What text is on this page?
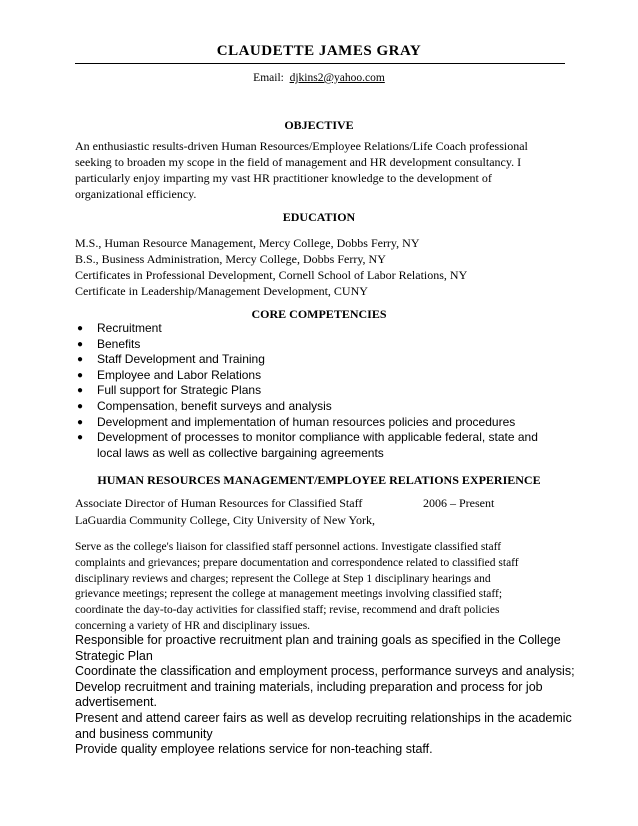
CLAUDETTE JAMES GRAY
Email: djkins2@yahoo.com
OBJECTIVE
An enthusiastic results-driven Human Resources/Employee Relations/Life Coach professional
seeking to broaden my scope in the field of management and HR development consultancy. I
particularly enjoy imparting my vast HR practitioner knowledge to the development of
organizational efficiency.
EDUCATION
M.S., Human Resource Management, Mercy College, Dobbs Ferry, NY
B.S., Business Administration, Mercy College, Dobbs Ferry, NY
Certificates in Professional Development, Cornell School of Labor Relations, NY
Certificate in Leadership/Management Development, CUNY
CORE COMPETENCIES
● Recruitment
● Benefits
● Staff Development and Training
● Employee and Labor Relations
● Full support for Strategic Plans
● Compensation, benefit surveys and analysis
● Development and implementation of human resources policies and procedures
● Development of processes to monitor compliance with applicable federal, state and
local laws as well as collective bargaining agreements
HUMAN RESOURCES MANAGEMENT/EMPLOYEE RELATIONS EXPERIENCE
Associate Director of Human Resources for Classified Staff	2006 – Present
LaGuardia Community College, City University of New York,
Serve as the college's liaison for classified staff personnel actions. Investigate classified staff
complaints and grievances; prepare documentation and correspondence related to classified staff
disciplinary reviews and charges; represent the College at Step 1 disciplinary hearings and
grievance meetings; represent the college at management meetings involving classified staff;
coordinate the day-to-day activities for classified staff; revise, recommend and draft policies
concerning a variety of HR and disciplinary issues.
Responsible for proactive recruitment plan and training goals as specified in the College
Strategic Plan
Coordinate the classification and employment process, performance surveys and analysis;
Develop recruitment and training materials, including preparation and process for job
advertisement.
Present and attend career fairs as well as develop recruiting relationships in the academic
and business community
Provide quality employee relations service for non-teaching staff.
